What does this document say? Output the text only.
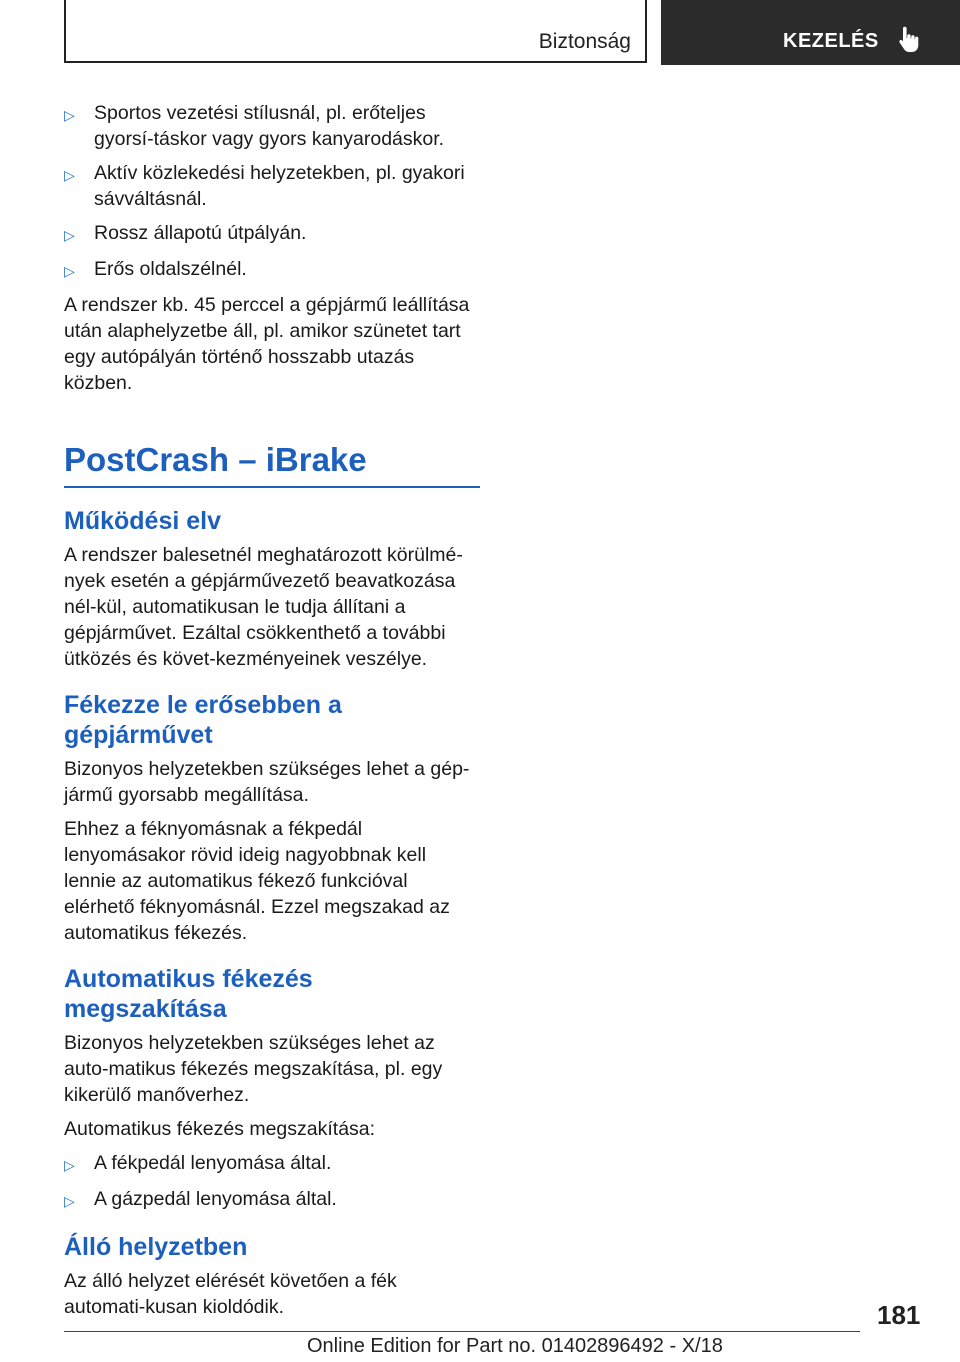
Biztonság	KEZELÉS
▷ Sportos vezetési stílusnál, pl. erőteljes gyorsí-táskor vagy gyors kanyarodáskor.
▷ Aktív közlekedési helyzetekben, pl. gyakori sávváltásnál.
▷ Rossz állapotú útpályán.
▷ Erős oldalszélnél.

A rendszer kb. 45 perccel a gépjármű leállítása után alaphelyzetbe áll, pl. amikor szünetet tart egy autópályán történő hosszabb utazás közben.

PostCrash – iBrake
Működési elv

A rendszer balesetnél meghatározott körülmé-nyek esetén a gépjárművezető beavatkozása nél-kül, automatikusan le tudja állítani a gépjárművet. Ezáltal csökkenthető a további ütközés és követ-kezményeinek veszélye.

Fékezze le erősebben a gépjárművet

Bizonyos helyzetekben szükséges lehet a gép-jármű gyorsabb megállítása.

Ehhez a féknyomásnak a fékpedál lenyomásakor rövid ideig nagyobbnak kell lennie az automatikus fékező funkcióval elérhető féknyomásnál. Ezzel megszakad az automatikus fékezés.

Automatikus fékezés megszakítása

Bizonyos helyzetekben szükséges lehet az auto-matikus fékezés megszakítása, pl. egy kikerülő manőverhez.

Automatikus fékezés megszakítása:

▷ A fékpedál lenyomása által.
▷ A gázpedál lenyomása által.
Álló helyzetben

Az álló helyzet elérését követően a fék automati-kusan kioldódik.	181
Online Edition for Part no. 01402896492 - X/18
